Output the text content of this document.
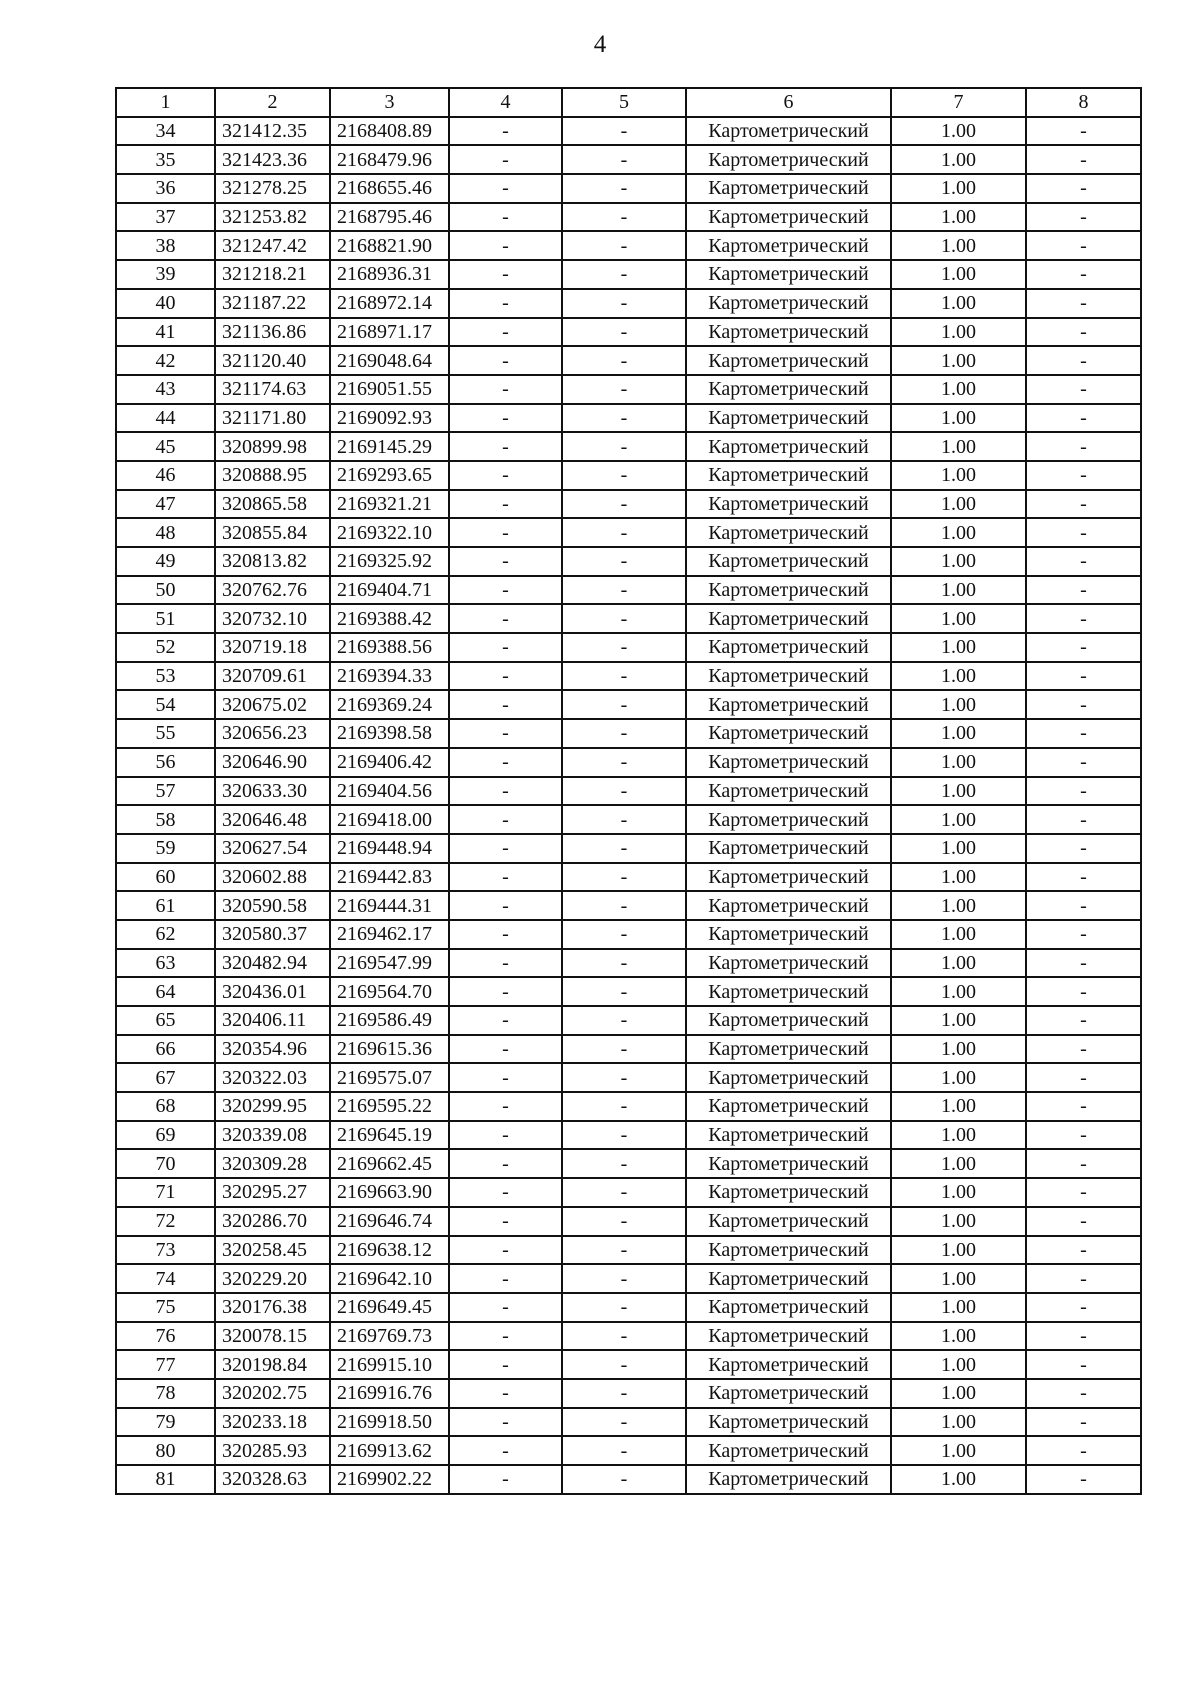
4
1	2	3	4	5	6	7	8
34	321412.35	2168408.89	-	-	Картометрический	1.00	-
35	321423.36	2168479.96	-	-	Картометрический	1.00	-
36	321278.25	2168655.46	-	-	Картометрический	1.00	-
37	321253.82	2168795.46	-	-	Картометрический	1.00	-
38	321247.42	2168821.90	-	-	Картометрический	1.00	-
39	321218.21	2168936.31	-	-	Картометрический	1.00	-
40	321187.22	2168972.14	-	-	Картометрический	1.00	-
41	321136.86	2168971.17	-	-	Картометрический	1.00	-
42	321120.40	2169048.64	-	-	Картометрический	1.00	-
43	321174.63	2169051.55	-	-	Картометрический	1.00	-
44	321171.80	2169092.93	-	-	Картометрический	1.00	-
45	320899.98	2169145.29	-	-	Картометрический	1.00	-
46	320888.95	2169293.65	-	-	Картометрический	1.00	-
47	320865.58	2169321.21	-	-	Картометрический	1.00	-
48	320855.84	2169322.10	-	-	Картометрический	1.00	-
49	320813.82	2169325.92	-	-	Картометрический	1.00	-
50	320762.76	2169404.71	-	-	Картометрический	1.00	-
51	320732.10	2169388.42	-	-	Картометрический	1.00	-
52	320719.18	2169388.56	-	-	Картометрический	1.00	-
53	320709.61	2169394.33	-	-	Картометрический	1.00	-
54	320675.02	2169369.24	-	-	Картометрический	1.00	-
55	320656.23	2169398.58	-	-	Картометрический	1.00	-
56	320646.90	2169406.42	-	-	Картометрический	1.00	-
57	320633.30	2169404.56	-	-	Картометрический	1.00	-
58	320646.48	2169418.00	-	-	Картометрический	1.00	-
59	320627.54	2169448.94	-	-	Картометрический	1.00	-
60	320602.88	2169442.83	-	-	Картометрический	1.00	-
61	320590.58	2169444.31	-	-	Картометрический	1.00	-
62	320580.37	2169462.17	-	-	Картометрический	1.00	-
63	320482.94	2169547.99	-	-	Картометрический	1.00	-
64	320436.01	2169564.70	-	-	Картометрический	1.00	-
65	320406.11	2169586.49	-	-	Картометрический	1.00	-
66	320354.96	2169615.36	-	-	Картометрический	1.00	-
67	320322.03	2169575.07	-	-	Картометрический	1.00	-
68	320299.95	2169595.22	-	-	Картометрический	1.00	-
69	320339.08	2169645.19	-	-	Картометрический	1.00	-
70	320309.28	2169662.45	-	-	Картометрический	1.00	-
71	320295.27	2169663.90	-	-	Картометрический	1.00	-
72	320286.70	2169646.74	-	-	Картометрический	1.00	-
73	320258.45	2169638.12	-	-	Картометрический	1.00	-
74	320229.20	2169642.10	-	-	Картометрический	1.00	-
75	320176.38	2169649.45	-	-	Картометрический	1.00	-
76	320078.15	2169769.73	-	-	Картометрический	1.00	-
77	320198.84	2169915.10	-	-	Картометрический	1.00	-
78	320202.75	2169916.76	-	-	Картометрический	1.00	-
79	320233.18	2169918.50	-	-	Картометрический	1.00	-
80	320285.93	2169913.62	-	-	Картометрический	1.00	-
81	320328.63	2169902.22	-	-	Картометрический	1.00	-
